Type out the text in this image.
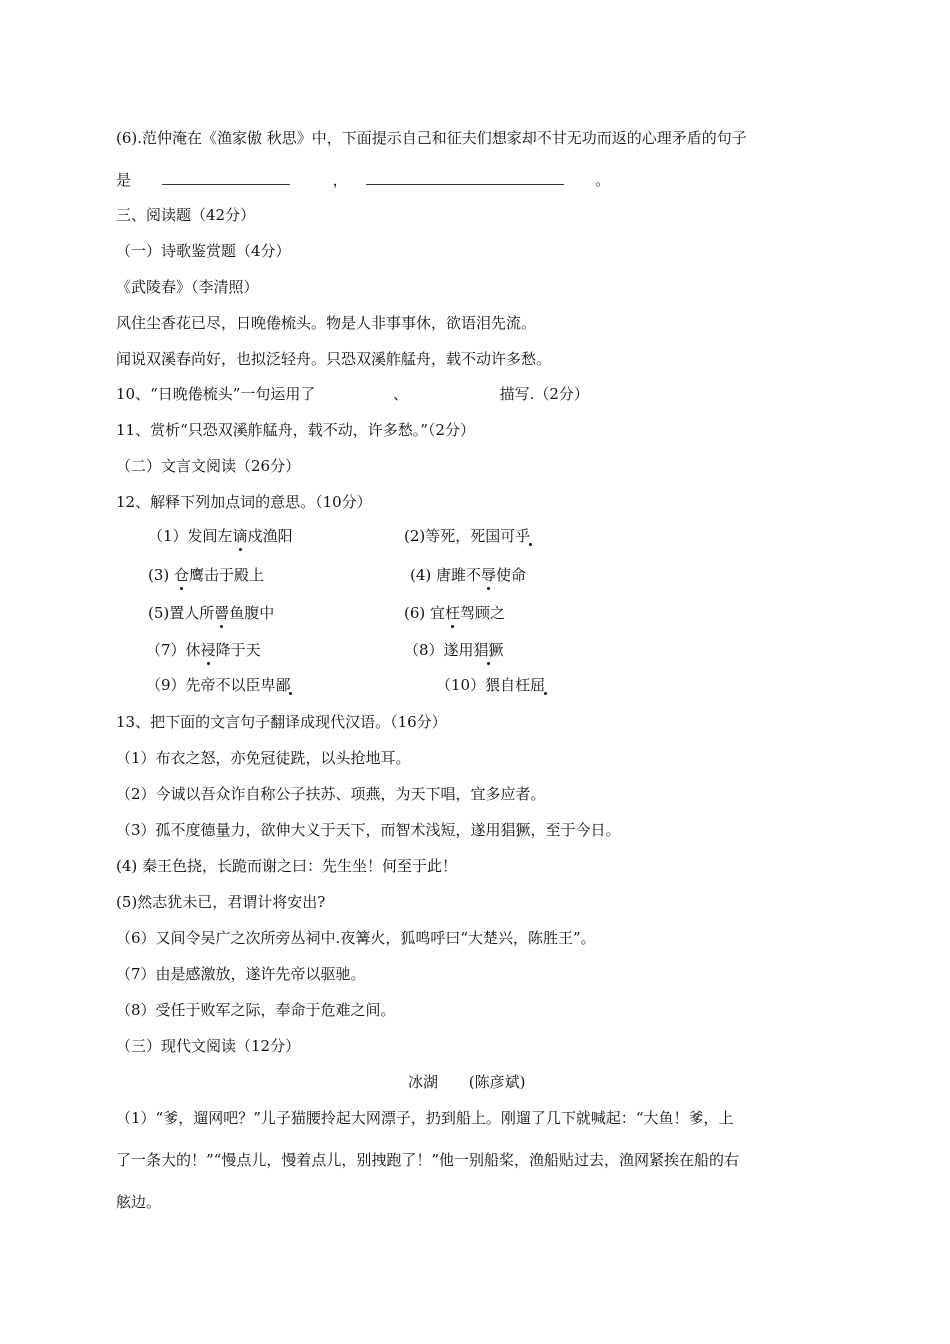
(6).范仲淹在《渔家傲 秋思》中，下面提示自己和征夫们想家却不甘无功而返的心理矛盾的句子
是	，	。
三、阅读题（42分）
（一）诗歌鉴赏题（4分）
《武陵春》（李清照）
风住尘香花已尽，日晚倦梳头。物是人非事事休，欲语泪先流。
闻说双溪春尚好，也拟泛轻舟。只恐双溪舴艋舟，载不动许多愁。
10、“日晚倦梳头”一句运用了	、	描写.（2分）
11、赏析“只恐双溪舴艋舟，载不动，许多愁。”（2分）
（二）文言文阅读（26分）
12、解释下列加点词的意思。（10分）
（1）发闾左谪戍渔阳	(2)等死，死国可乎
(3) 仓鹰击于殿上	(4) 唐雎不辱使命
(5)置人所罾鱼腹中	(6) 宜枉驾顾之
（7）休祲降于天	（8）遂用猖獗
（9）先帝不以臣卑鄙	（10）猥自枉屈
13、把下面的文言句子翻译成现代汉语。（16分）
（1）布衣之怒，亦免冠徒跣，以头抢地耳。
（2）今诚以吾众诈自称公子扶苏、项燕，为天下唱，宜多应者。
（3）孤不度德量力，欲伸大义于天下，而智术浅短，遂用猖獗，至于今日。
(4) 秦王色挠，长跪而谢之曰：先生坐！何至于此！
(5)然志犹未已，君谓计将安出?
（6）又间令吴广之次所旁丛祠中.夜篝火，狐鸣呼曰“大楚兴，陈胜王”。
（7）由是感激放，遂许先帝以驱驰。
（8）受任于败军之际，奉命于危难之间。
（三）现代文阅读（12分）
冰湖 (陈彦斌)
（1）“爹，遛网吧？”儿子猫腰拎起大网漂子，扔到船上。刚遛了几下就喊起：“大鱼！爹，上
了一条大的！”“慢点儿，慢着点儿，别拽跑了！”他一别船桨，渔船贴过去，渔网紧挨在船的右
舷边。
